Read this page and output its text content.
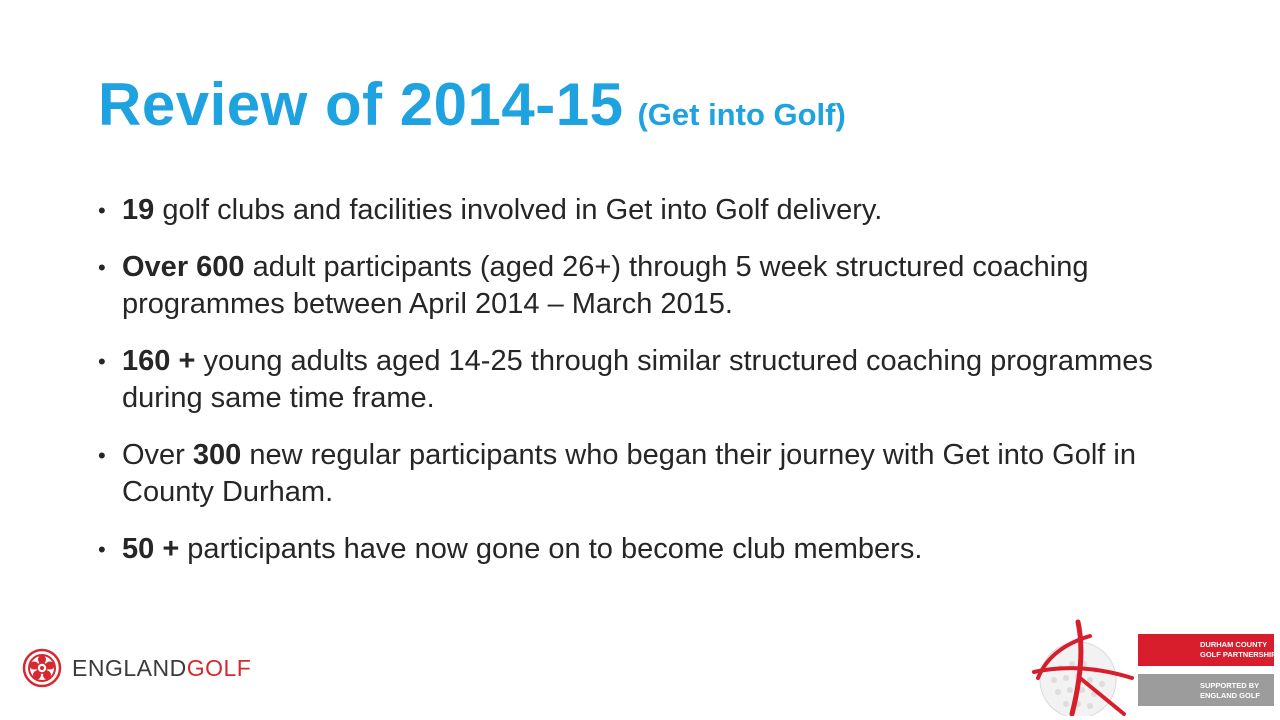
Review of 2014-15 (Get into Golf)
• 19 golf clubs and facilities involved in Get into Golf delivery.
• Over 600 adult participants (aged 26+) through 5 week structured coaching programmes between April 2014 – March 2015.
• 160 + young adults aged 14-25 through similar structured coaching programmes during same time frame.
• Over 300 new regular participants who began their journey with Get into Golf in County Durham.
• 50 + participants have now gone on to become club members.
ENGLANDGOLF
DURHAM COUNTY
GOLF PARTNERSHIP
SUPPORTED BY
ENGLAND GOLF
